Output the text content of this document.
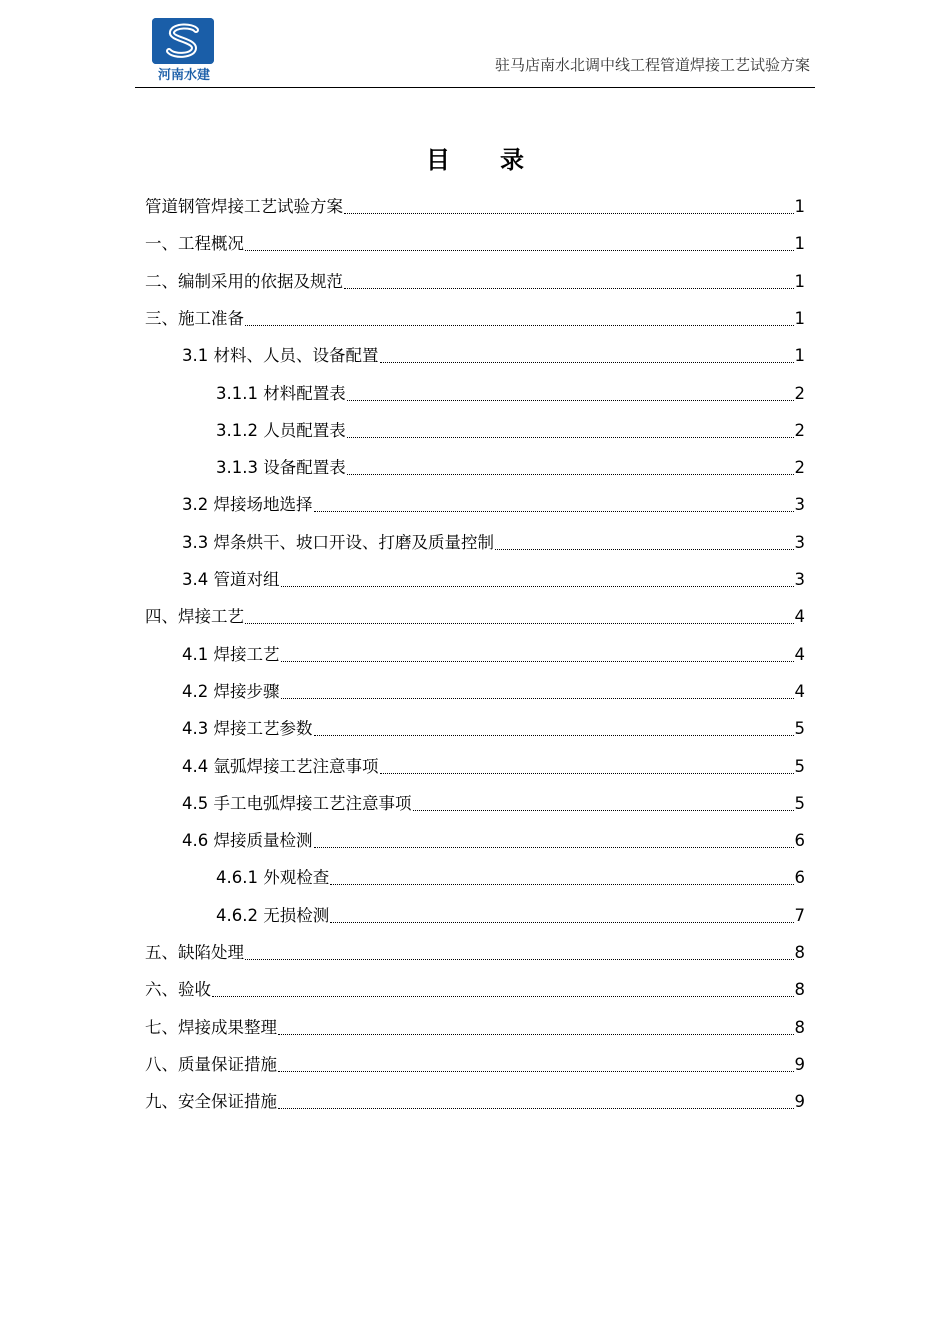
河南水建
驻马店南水北调中线工程管道焊接工艺试验方案
目 录
管道钢管焊接工艺试验方案	1
一、工程概况	1
二、编制采用的依据及规范	1
三、施工准备	1
3.1 材料、人员、设备配置	1
3.1.1 材料配置表	2
3.1.2 人员配置表	2
3.1.3 设备配置表	2
3.2 焊接场地选择	3
3.3 焊条烘干、坡口开设、打磨及质量控制	3
3.4 管道对组	3
四、焊接工艺	4
4.1 焊接工艺	4
4.2 焊接步骤	4
4.3 焊接工艺参数	5
4.4 氩弧焊接工艺注意事项	5
4.5 手工电弧焊接工艺注意事项	5
4.6 焊接质量检测	6
4.6.1 外观检查	6
4.6.2 无损检测	7
五、缺陷处理	8
六、验收	8
七、焊接成果整理	8
八、质量保证措施	9
九、安全保证措施	9
